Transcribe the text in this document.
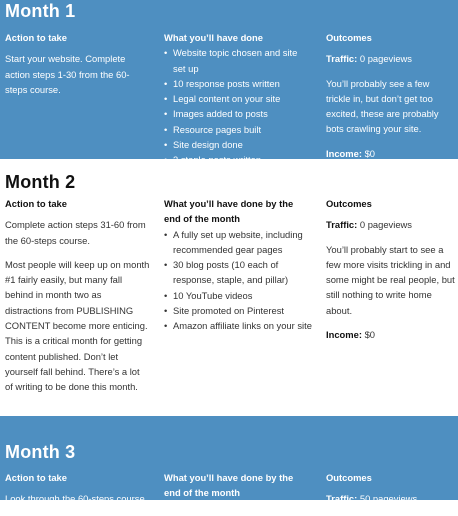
Month 1
Action to take

Start your website. Complete action steps 1-30 from the 60-steps course.

What you’ll have done
• Website topic chosen and site set up
• 10 response posts written
• Legal content on your site
• Images added to posts
• Resource pages built
• Site design done
•
Outcomes

Traffic: 0 pageviews

You’ll probably see a few trickle in, but don’t get too excited, these are probably bots crawling your site.

Income: $0

Month 2
Action to take

Complete action steps 31-60 from the 60-steps course.

Most people will keep up on month #1 fairly easily, but many fall behind in month two as distractions from PUBLISHING CONTENT become more enticing. This is a critical month for getting content published. Don’t let yourself fall behind. There’s a lot of writing to be done this month.

What you’ll have done by the end of the month
• A fully set up website, including recommended gear pages
• 30 blog posts (10 each of response, staple, and pillar)
• 10 YouTube videos
• Site promoted on Pinterest
• Amazon affiliate links on your site
Outcomes

Traffic: 0 pageviews

You’ll probably start to see a few more visits trickling in and some might be real people, but still nothing to write home about.

Income: $0

Month 3
Action to take

Look through the 60-steps course.

What you’ll have done by the end of the month
• A complete seed of a website
Outcomes

Traffic: 50 pageviews
